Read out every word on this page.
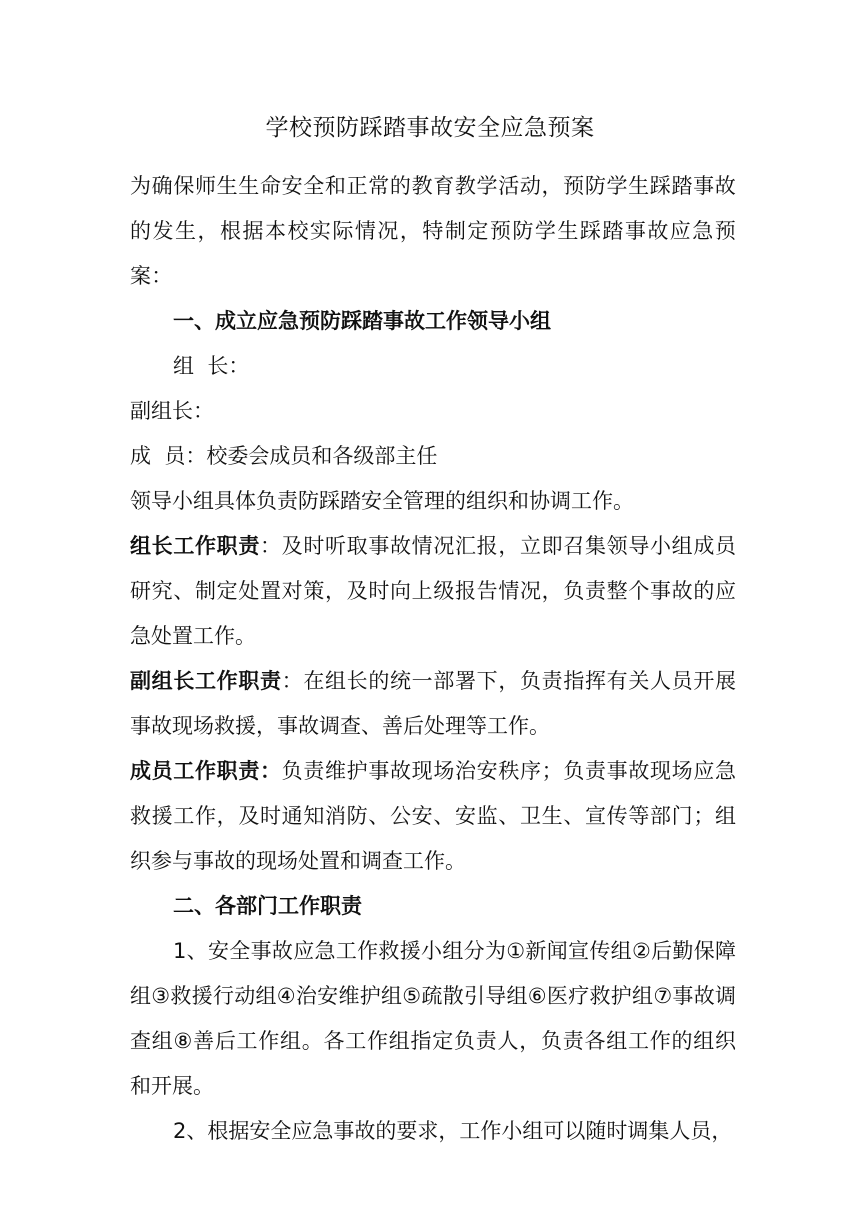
学校预防踩踏事故安全应急预案

为确保师生生命安全和正常的教育教学活动，预防学生踩踏事故的发生，根据本校实际情况，特制定预防学生踩踏事故应急预案：

一、成立应急预防踩踏事故工作领导小组

组  长：

副组长：

成  员：校委会成员和各级部主任

领导小组具体负责防踩踏安全管理的组织和协调工作。

组长工作职责：及时听取事故情况汇报，立即召集领导小组成员研究、制定处置对策，及时向上级报告情况，负责整个事故的应急处置工作。

副组长工作职责：在组长的统一部署下，负责指挥有关人员开展事故现场救援，事故调查、善后处理等工作。

成员工作职责：负责维护事故现场治安秩序；负责事故现场应急救援工作，及时通知消防、公安、安监、卫生、宣传等部门；组织参与事故的现场处置和调查工作。

二、各部门工作职责

1、安全事故应急工作救援小组分为①新闻宣传组②后勤保障组③救援行动组④治安维护组⑤疏散引导组⑥医疗救护组⑦事故调查组⑧善后工作组。各工作组指定负责人，负责各组工作的组织和开展。

2、根据安全应急事故的要求，工作小组可以随时调集人员，
